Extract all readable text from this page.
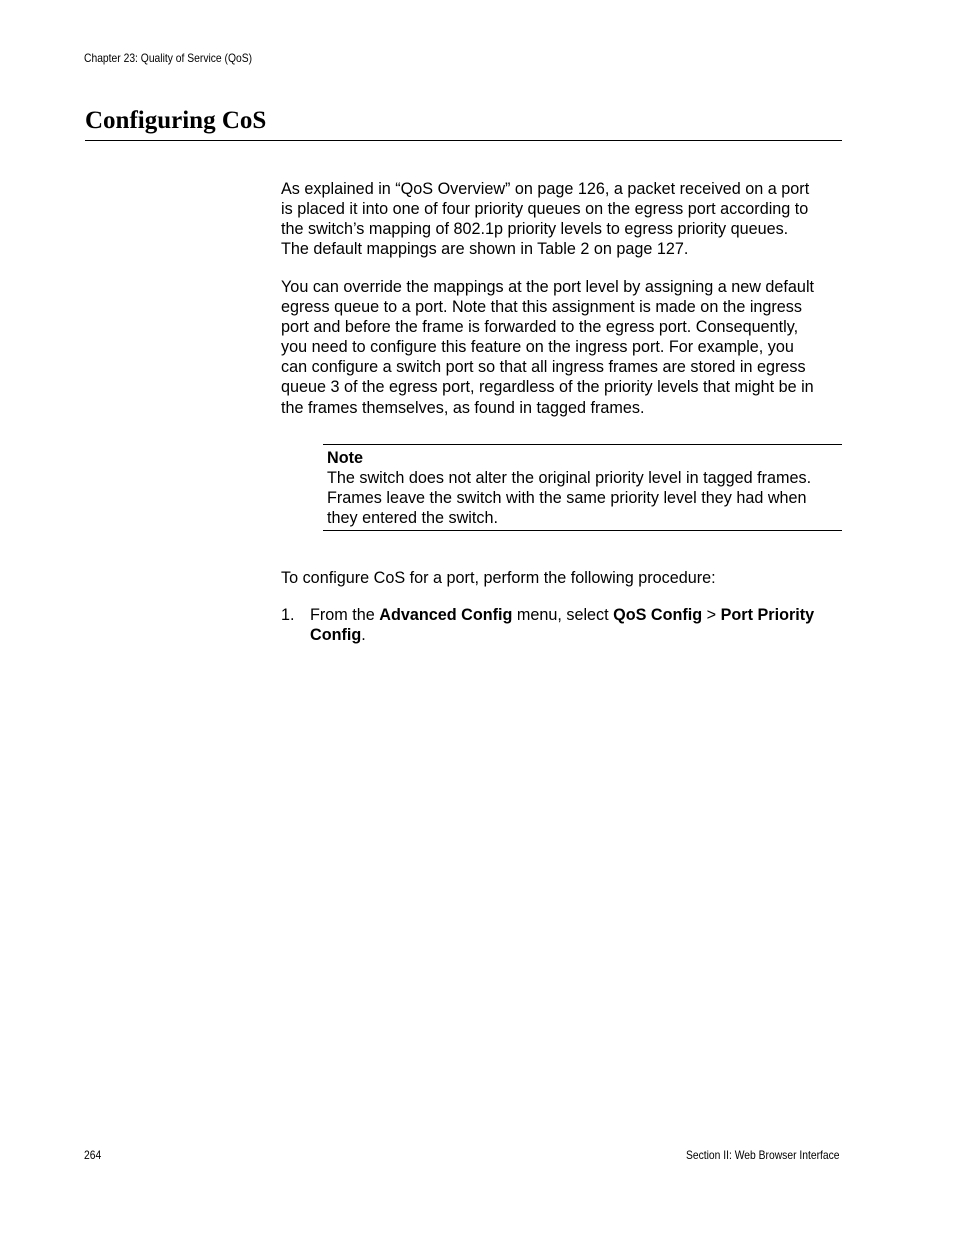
Chapter 23: Quality of Service (QoS)
Configuring CoS

As explained in “QoS Overview” on page 126, a packet received on a port
is placed it into one of four priority queues on the egress port according to
the switch’s mapping of 802.1p priority levels to egress priority queues.
The default mappings are shown in Table 2 on page 127.

You can override the mappings at the port level by assigning a new default
egress queue to a port. Note that this assignment is made on the ingress
port and before the frame is forwarded to the egress port. Consequently,
you need to configure this feature on the ingress port. For example, you
can configure a switch port so that all ingress frames are stored in egress
queue 3 of the egress port, regardless of the priority levels that might be in
the frames themselves, as found in tagged frames.

Note
The switch does not alter the original priority level in tagged frames.
Frames leave the switch with the same priority level they had when
they entered the switch.

To configure CoS for a port, perform the following procedure:

1. From the Advanced Config menu, select QoS Config > Port Priority
Config.
264	Section II: Web Browser Interface
